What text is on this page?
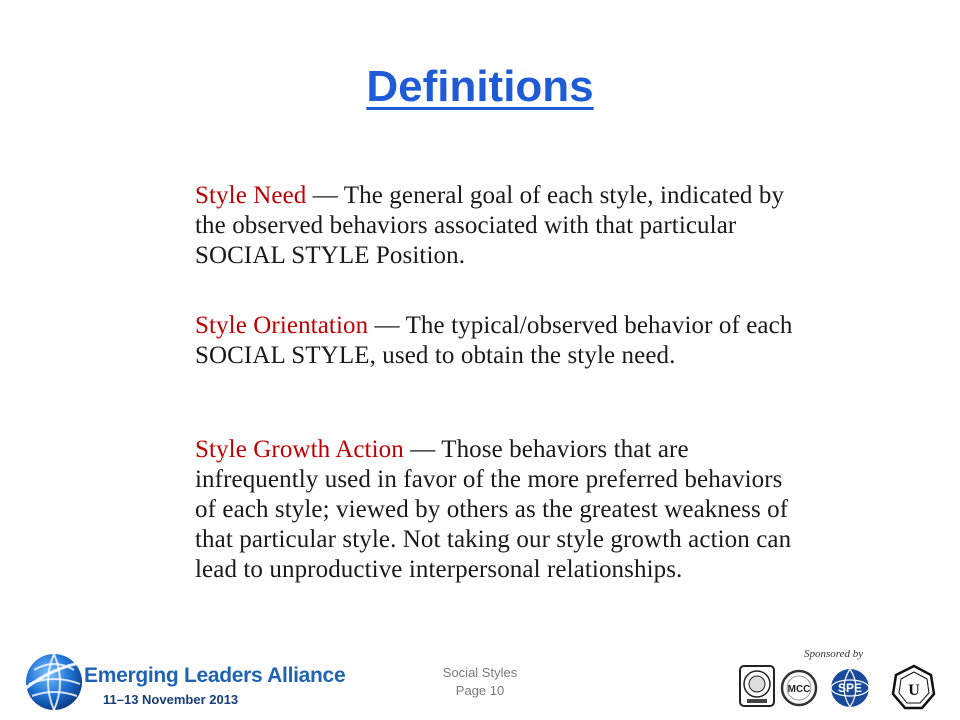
Definitions
Style Need — The general goal of each style, indicated by the observed behaviors associated with that particular SOCIAL STYLE Position.
Style Orientation — The typical/observed behavior of each SOCIAL STYLE, used to obtain the style need.
Style Growth Action — Those behaviors that are infrequently used in favor of the more preferred behaviors of each style; viewed by others as the greatest weakness of that particular style. Not taking our style growth action can lead to unproductive interpersonal relationships.
Emerging Leaders Alliance
11–13 November 2013
Social Styles
Page 10
Sponsored by
MCC SPE	U
